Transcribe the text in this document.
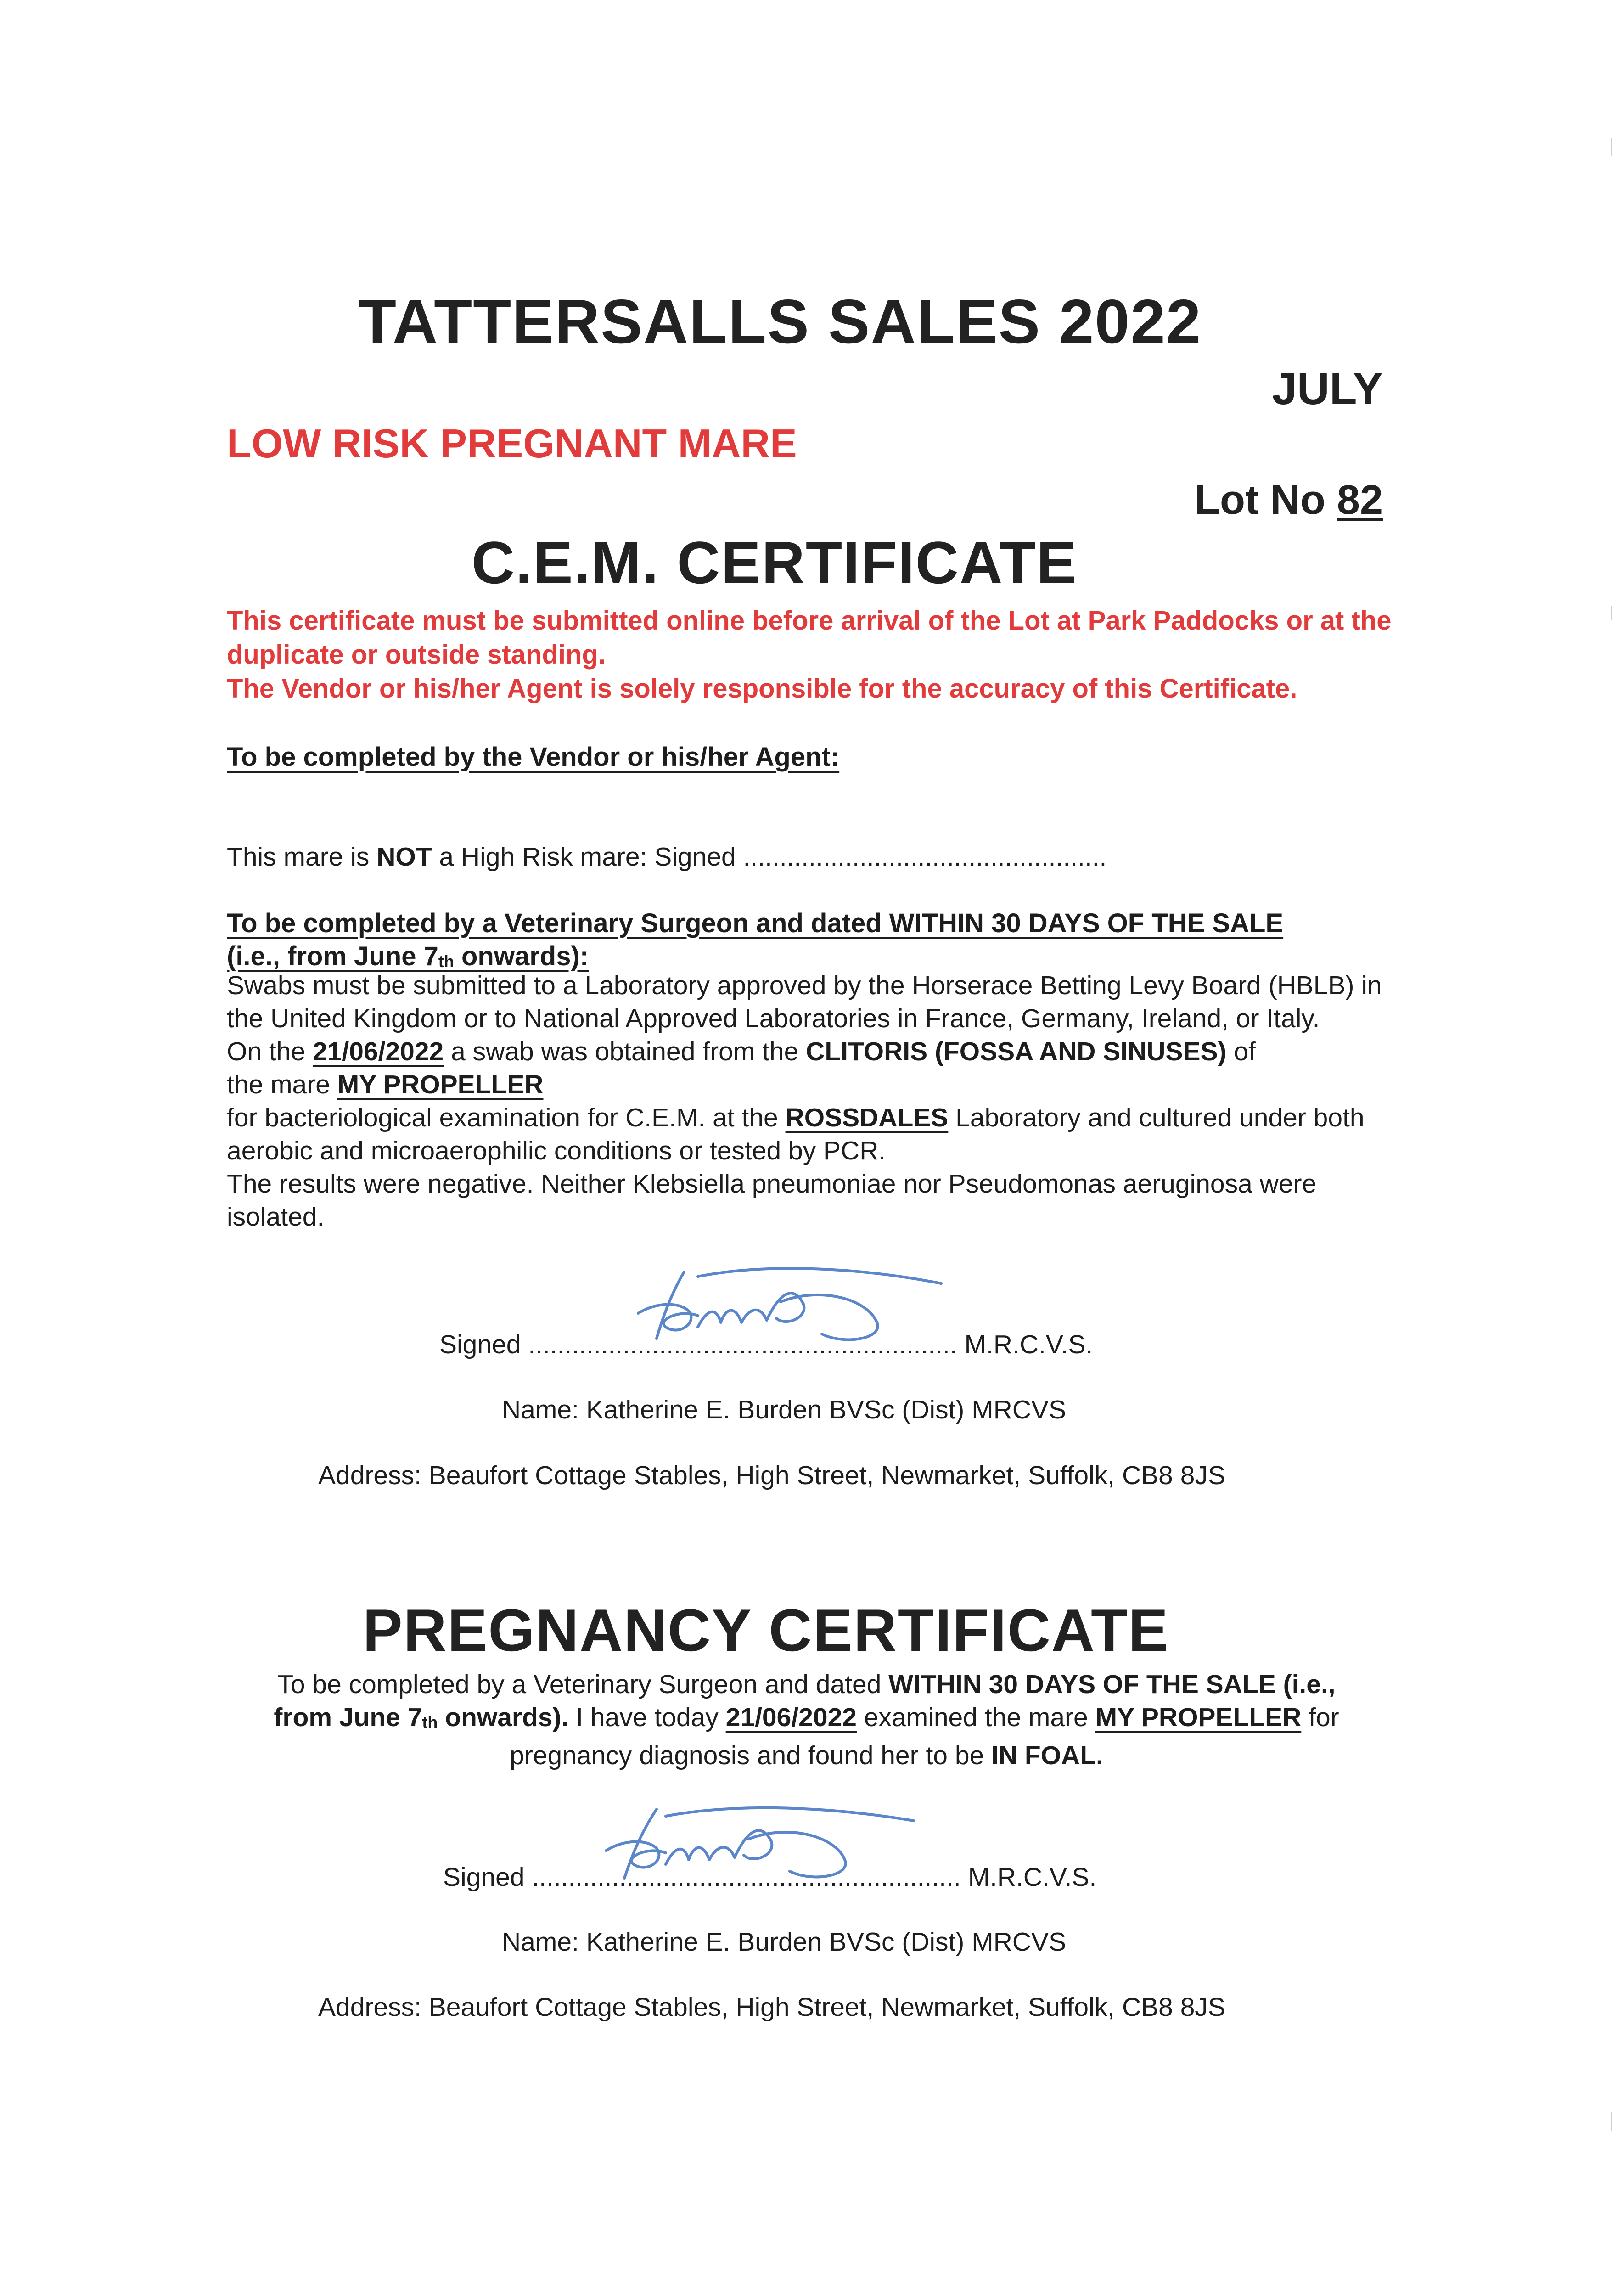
TATTERSALLS SALES 2022
JULY
LOW RISK PREGNANT MARE
Lot No 82
C.E.M. CERTIFICATE

This certificate must be submitted online before arrival of the Lot at Park Paddocks or at the duplicate or outside standing.

The Vendor or his/her Agent is solely responsible for the accuracy of this Certificate.

To be completed by the Vendor or his/her Agent:
This mare is NOT a High Risk mare: Signed ..................................................
To be completed by a Veterinary Surgeon and dated WITHIN 30 DAYS OF THE SALE
(i.e., from June $7_{th}$ onwards):

Swabs must be submitted to a Laboratory approved by the Horserace Betting Levy Board (HBLB) in the United Kingdom or to National Approved Laboratories in France, Germany, Ireland, or Italy.

On the 21/06/2022 a swab was obtained from the CLITORIS (FOSSA AND SINUSES) of

the mare MY PROPELLER

for bacteriological examination for C.E.M. at the ROSSDALES Laboratory and cultured under both aerobic and microaerophilic conditions or tested by PCR.

The results were negative. Neither Klebsiella pneumoniae nor Pseudomonas aeruginosa were isolated.

Signed ........................................................... M.R.C.V.S.
Name: Katherine E. Burden BVSc (Dist) MRCVS
Address: Beaufort Cottage Stables, High Street, Newmarket, Suffolk, CB8 8JS
PREGNANCY CERTIFICATE

To be completed by a Veterinary Surgeon and dated WITHIN 30 DAYS OF THE SALE (i.e.,

from June $7_{th}$ onwards). I have today 21/06/2022 examined the mare MY PROPELLER for

pregnancy diagnosis and found her to be IN FOAL.

Signed ........................................................... M.R.C.V.S.
Name: Katherine E. Burden BVSc (Dist) MRCVS
Address: Beaufort Cottage Stables, High Street, Newmarket, Suffolk, CB8 8JS
